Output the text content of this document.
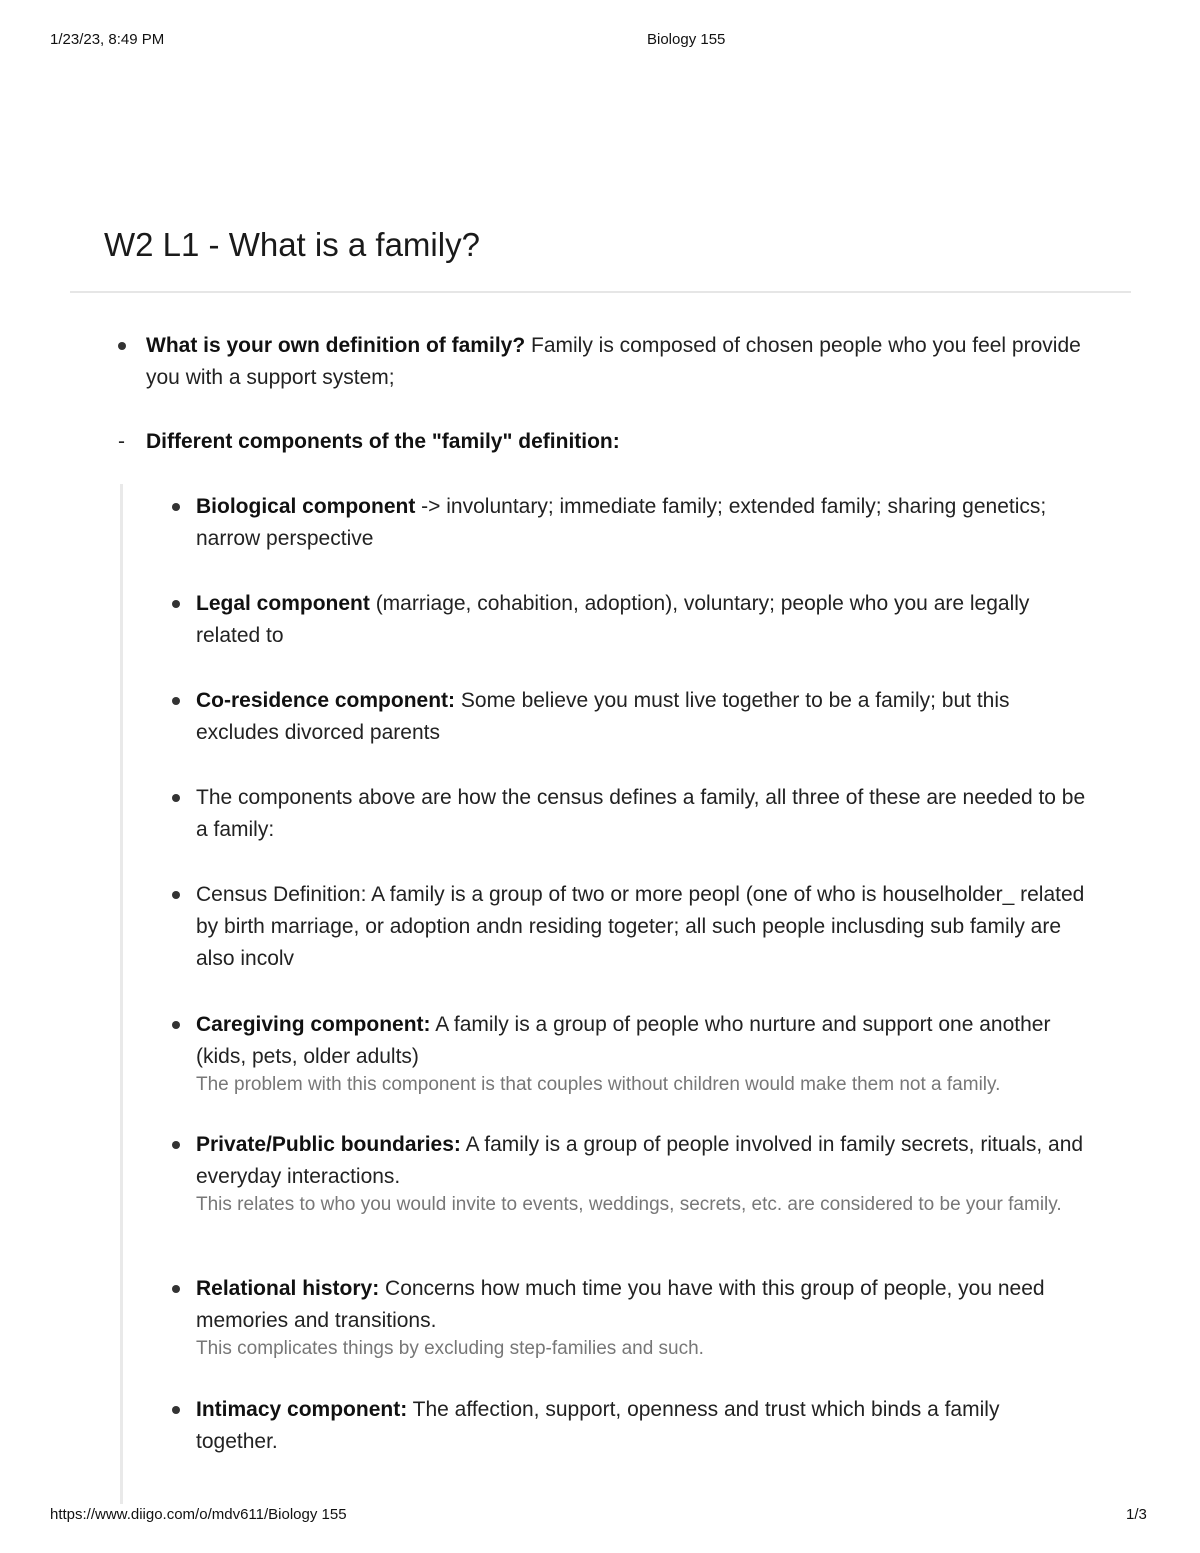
1/23/23, 8:49 PM	Biology 155
W2 L1 - What is a family?
What is your own definition of family? Family is composed of chosen people who you feel provide you with a support system;
- Different components of the "family" definition:
Biological component -> involuntary; immediate family; extended family; sharing genetics; narrow perspective
Legal component (marriage, cohabition, adoption), voluntary; people who you are legally related to
Co-residence component: Some believe you must live together to be a family; but this excludes divorced parents
The components above are how the census defines a family, all three of these are needed to be a family:
Census Definition: A family is a group of two or more peopl (one of who is houselholder_ related by birth marriage, or adoption andn residing togeter; all such people inclusding sub family are also incolv
Caregiving component: A family is a group of people who nurture and support one another (kids, pets, older adults)
The problem with this component is that couples without children would make them not a family.
Private/Public boundaries: A family is a group of people involved in family secrets, rituals, and everyday interactions.
This relates to who you would invite to events, weddings, secrets, etc. are considered to be your family.
Relational history: Concerns how much time you have with this group of people, you need memories and transitions.
This complicates things by excluding step-families and such.
Intimacy component: The affection, support, openness and trust which binds a family together.
https://www.diigo.com/o/mdv611/Biology 155	1/3
